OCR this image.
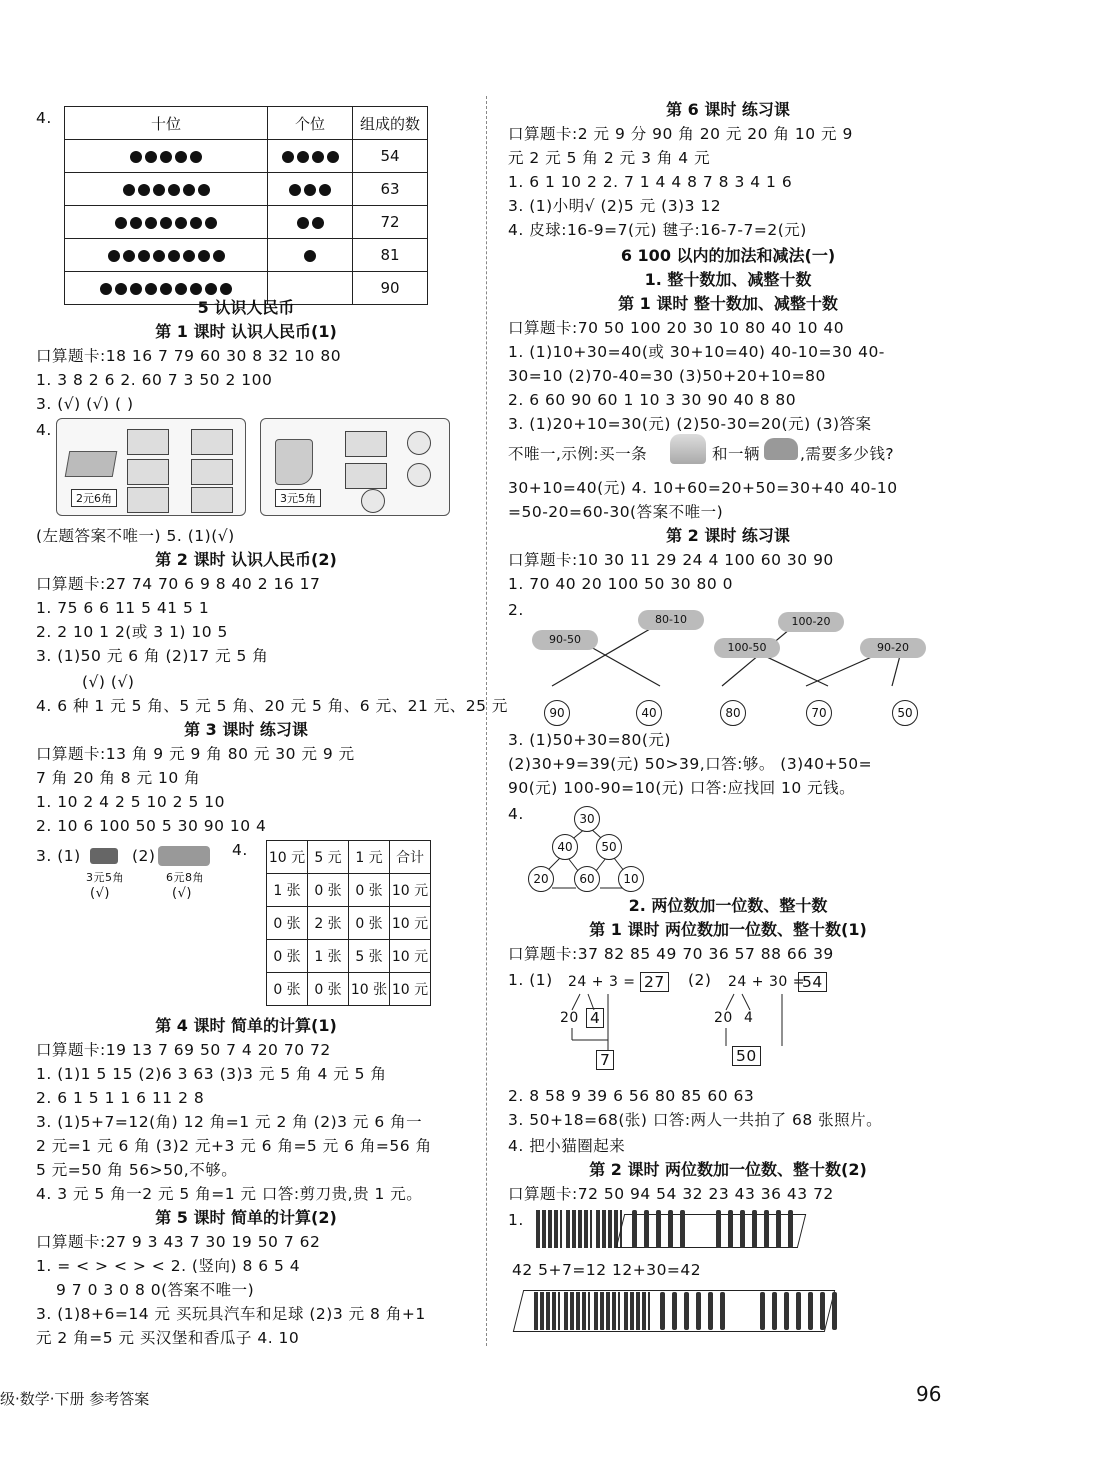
4.	十位	个位	组成的数
		54
		63
		72
		81
		90
5 认识人民币
第 1 课时 认识人民币(1)
口算题卡:18 16 7 79 60 30 8 32 10 80
1. 3 8 2 6 2. 60 7 3 50 2 100
3. (√) (√) ( )
4.
2元6角	3元5角
(左题答案不唯一) 5. (1)(√)
第 2 课时 认识人民币(2)
口算题卡:27 74 70 6 9 8 40 2 16 17
1. 75 6 6 11 5 41 5 1
2. 2 10 1 2(或 3 1) 10 5
3. (1)50 元 6 角 (2)17 元 5 角
(√) (√)
4. 6 种 1 元 5 角、5 元 5 角、20 元 5 角、6 元、21 元、25 元
第 3 课时 练习课
口算题卡:13 角 9 元 9 角 80 元 30 元 9 元
7 角 20 角 8 元 10 角
1. 10 2 4 2 5 10 2 5 10
2. 10 6 100 50 5 30 90 10 4
3. (1)	(2)
3元5角	6元8角
(√)	(√)
4. 10 元	5 元	1 元	合计
1 张	0 张	0 张	10 元
0 张	2 张	0 张	10 元
0 张	1 张	5 张	10 元
0 张	0 张	10 张	10 元
第 4 课时 简单的计算(1)
口算题卡:19 13 7 69 50 7 4 20 70 72
1. (1)1 5 15 (2)6 3 63 (3)3 元 5 角 4 元 5 角
2. 6 1 5 1 1 6 11 2 8
3. (1)5+7=12(角) 12 角=1 元 2 角 (2)3 元 6 角一
2 元=1 元 6 角 (3)2 元+3 元 6 角=5 元 6 角=56 角
5 元=50 角 56>50,不够。
4. 3 元 5 角一2 元 5 角=1 元 口答:剪刀贵,贵 1 元。
第 5 课时 简单的计算(2)
口算题卡:27 9 3 43 7 30 19 50 7 62
1. = < > < > < 2. (竖向) 8 6 5 4
9 7 0 3 0 8 0(答案不唯一)
3. (1)8+6=14 元 买玩具汽车和足球 (2)3 元 8 角+1
元 2 角=5 元 买汉堡和香瓜子 4. 10
第 6 课时 练习课
口算题卡:2 元 9 分 90 角 20 元 20 角 10 元 9
元 2 元 5 角 2 元 3 角 4 元
1. 6 1 10 2 2. 7 1 4 4 8 7 8 3 4 1 6
3. (1)小明√ (2)5 元 (3)3 12
4. 皮球:16-9=7(元) 毽子:16-7-7=2(元)
6 100 以内的加法和减法(一)
1. 整十数加、减整十数
第 1 课时 整十数加、减整十数
口算题卡:70 50 100 20 30 10 80 40 10 40
1. (1)10+30=40(或 30+10=40) 40-10=30 40-
30=10 (2)70-40=30 (3)50+20+10=80
2. 6 60 90 60 1 10 3 30 90 40 8 80
3. (1)20+10=30(元) (2)50-30=20(元) (3)答案
不唯一,示例:买一条	和一辆	,需要多少钱?
30+10=40(元) 4. 10+60=20+50=30+40 40-10
=50-20=60-30(答案不唯一)
第 2 课时 练习课
口算题卡:10 30 11 29 24 4 100 60 30 90
1. 70 40 20 100 50 30 80 0
2.
90-50
80-10
100-50
100-20
90-20
90	40	80	70	50
3. (1)50+30=80(元)
(2)30+9=39(元) 50>39,口答:够。 (3)40+50=
90(元) 100-90=10(元) 口答:应找回 10 元钱。
4.	30
40	50
20	60	10
2. 两位数加一位数、整十数
第 1 课时 两位数加一位数、整十数(1)
口算题卡:37 82 85 49 70 36 57 88 66 39
1. (1) 24 + 3 = 27
20 4
7
(2) 24 + 30 =
54
20 4
50
2. 8 58 9 39 6 56 80 85 60 63
3. 50+18=68(张) 口答:两人一共拍了 68 张照片。
4. 把小猫圈起来
第 2 课时 两位数加一位数、整十数(2)
口算题卡:72 50 94 54 32 23 43 36 43 72
1.
42 5+7=12 12+30=42
级·数学·下册 参考答案	96
